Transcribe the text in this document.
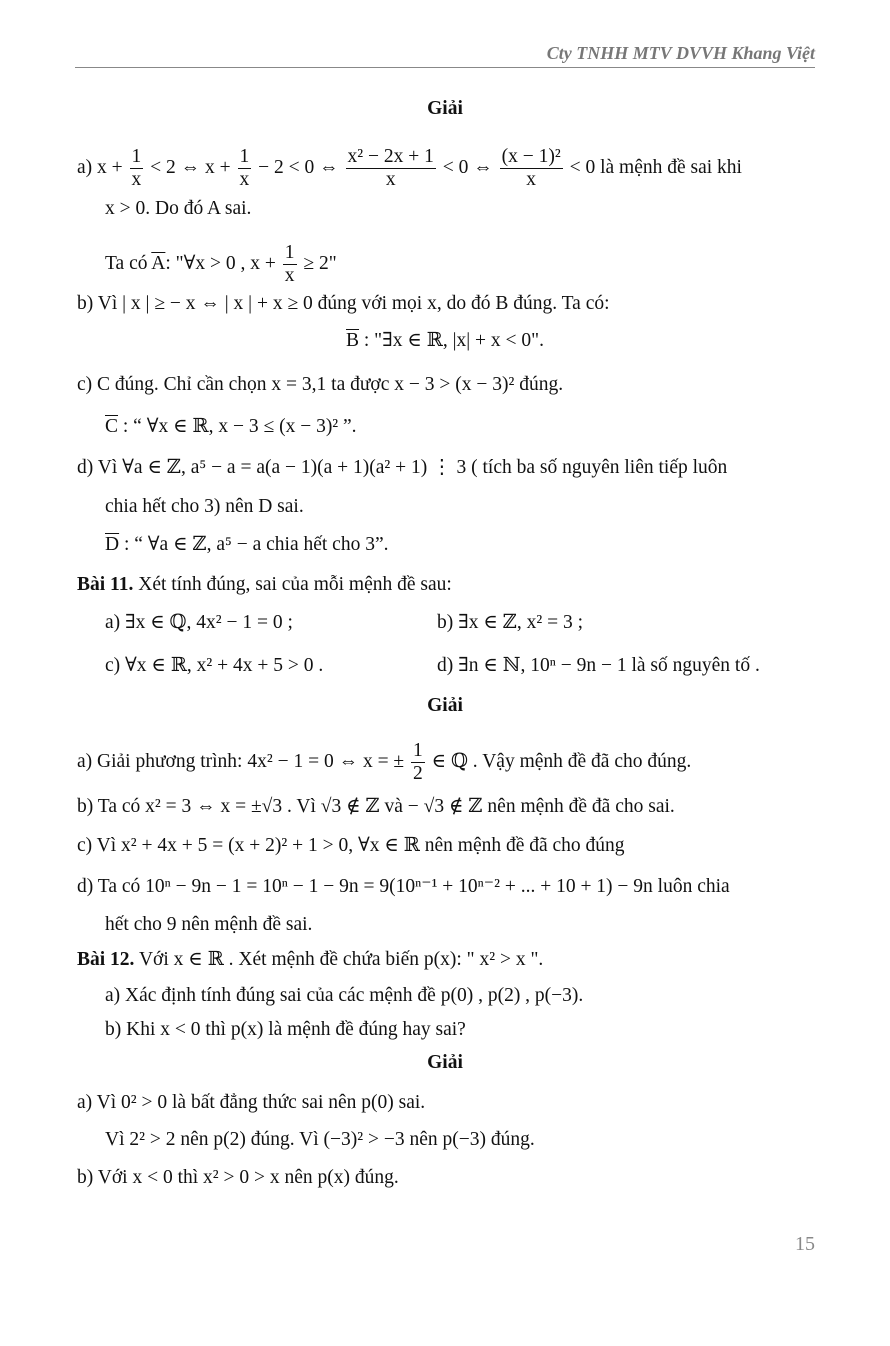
Cty TNHH MTV DVVH Khang Việt
Giải
a) $x + \frac{1}{x} < 2$ ⇔ $x + \frac{1}{x} - 2 < 0$ ⇔ $\frac{\text{x² − 2x + 1}}{x} < 0$ ⇔ $\frac{\text{(x − 1)²}}{x} < 0$ là mệnh đề sai khi
x > 0. Do đó A sai.
Ta có $\overline{A}$: "∀x > 0 , $x + \frac{1}{x} \ge 2$"
b) Vì | x | ≥ − x ⇔ | x | + x ≥ 0 đúng với mọi x, do đó B đúng. Ta có:
$\overline{B}$ : "∃x ∈ ℝ, |x| + x < 0".
c) C đúng. Chỉ cần chọn x = 3,1 ta được x − 3 > (x − 3)² đúng.
$\overline{C}$ : “ ∀x ∈ ℝ, x − 3 ≤ (x − 3)² ”.
d) Vì ∀a ∈ ℤ, a⁵ − a = a(a − 1)(a + 1)(a² + 1) ⋮ 3 ( tích ba số nguyên liên tiếp luôn
chia hết cho 3) nên D sai.
$\overline{D}$ : “ ∀a ∈ ℤ, a⁵ − a chia hết cho 3”.
Bài 11. Xét tính đúng, sai của mỗi mệnh đề sau:
a) ∃x ∈ ℚ, 4x² − 1 = 0 ;	b) ∃x ∈ ℤ, x² = 3 ;
c) ∀x ∈ ℝ, x² + 4x + 5 > 0 .	d) ∃n ∈ ℕ, 10ⁿ − 9n − 1 là số nguyên tố .
Giải
a) Giải phương trình: 4x² − 1 = 0 ⇔ x = ± $\frac{1}{2}$ ∈ ℚ . Vậy mệnh đề đã cho đúng.
b) Ta có x² = 3 ⇔ x = ±√3 . Vì √3 ∉ ℤ và − √3 ∉ ℤ nên mệnh đề đã cho sai.
c) Vì x² + 4x + 5 = (x + 2)² + 1 > 0, ∀x ∈ ℝ nên mệnh đề đã cho đúng
d) Ta có 10ⁿ − 9n − 1 = 10ⁿ − 1 − 9n = 9(10ⁿ⁻¹ + 10ⁿ⁻² + ... + 10 + 1) − 9n luôn chia
hết cho 9 nên mệnh đề sai.
Bài 12. Với x ∈ ℝ . Xét mệnh đề chứa biến p(x): " x² > x ".
a) Xác định tính đúng sai của các mệnh đề p(0) , p(2) , p(−3).
b) Khi x < 0 thì p(x) là mệnh đề đúng hay sai?
Giải
a) Vì 0² > 0 là bất đẳng thức sai nên p(0) sai.
Vì 2² > 2 nên p(2) đúng. Vì (−3)² > −3 nên p(−3) đúng.
b) Với x < 0 thì x² > 0 > x nên p(x) đúng.
15
